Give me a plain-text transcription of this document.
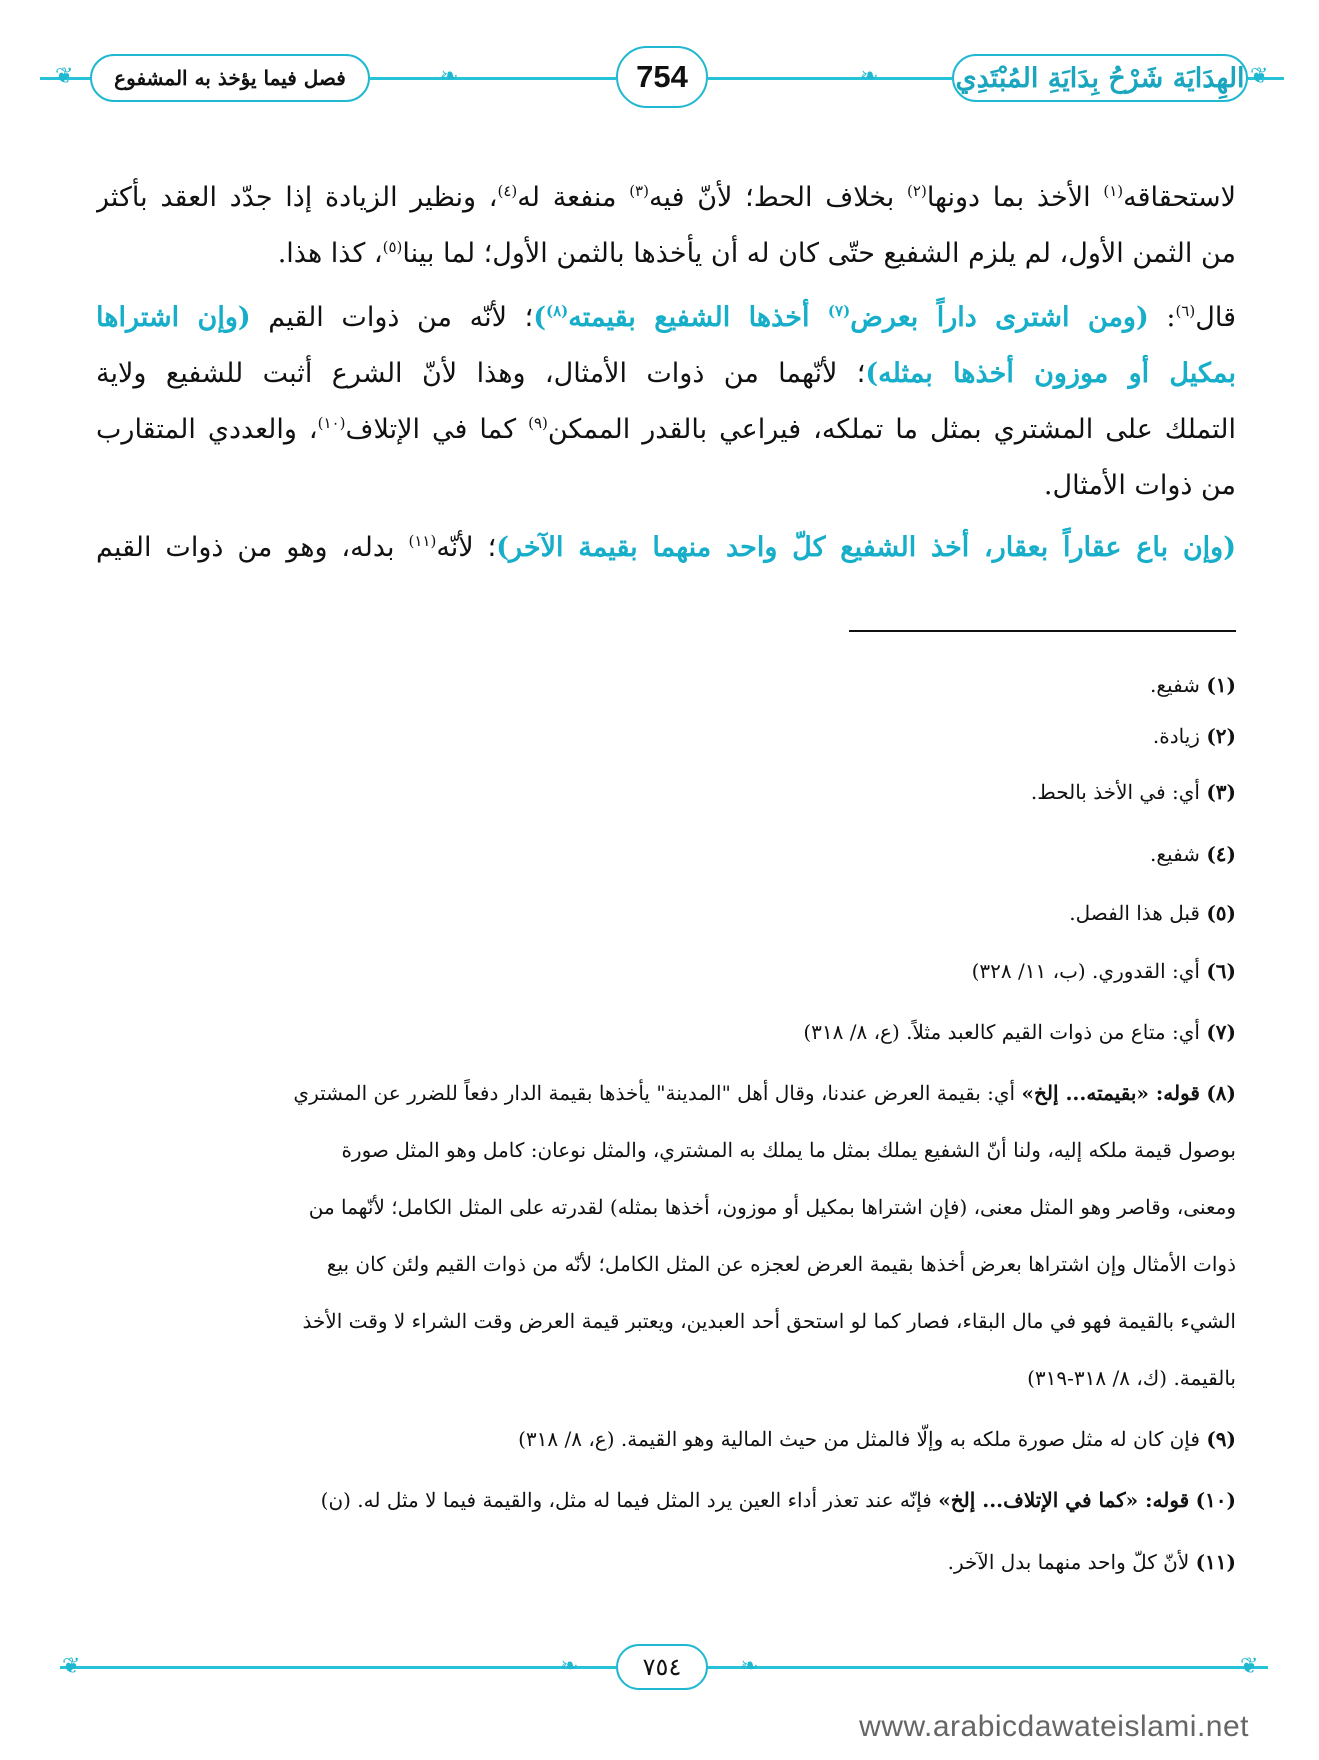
❦	❦
❧	❧	الهِدَايَة شَرْحُ بِدَايَةِ المُبْتَدِي
754
فصل فيما يؤخذ به المشفوع
لاستحقاقه$^{(١)}$ الأخذ بما دونها$^{(٢)}$ بخلاف الحط؛ لأنّ فيه$^{(٣)}$ منفعة له$^{(٤)}$، ونظير الزيادة إذا جدّد العقد بأكثر
من الثمن الأول، لم يلزم الشفيع حتّى كان له أن يأخذها بالثمن الأول؛ لما بينا$^{(٥)}$، كذا هذا.
قال$^{(٦)}$: (ومن اشترى داراً بعرض$^{(٧)}$ أخذها الشفيع بقيمته$^{(٨)}$)؛ لأنّه من ذوات القيم (وإن اشتراها
بمكيل أو موزون أخذها بمثله)؛ لأنّهما من ذوات الأمثال، وهذا لأنّ الشرع أثبت للشفيع ولاية
التملك على المشتري بمثل ما تملكه، فيراعي بالقدر الممكن$^{(٩)}$ كما في الإتلاف$^{(١٠)}$، والعددي المتقارب
من ذوات الأمثال.
(وإن باع عقاراً بعقار، أخذ الشفيع كلّ واحد منهما بقيمة الآخر)؛ لأنّه$^{(١١)}$ بدله، وهو من ذوات القيم
(١) شفيع.
(٢) زيادة.
(٣) أي: في الأخذ بالحط.
(٤) شفيع.
(٥) قبل هذا الفصل.
(٦) أي: القدوري. (ب، ١١/ ٣٢٨)
(٧) أي: متاع من ذوات القيم كالعبد مثلاً. (ع، ٨/ ٣١٨)
(٨) قوله: «بقيمته... إلخ» أي: بقيمة العرض عندنا، وقال أهل "المدينة" يأخذها بقيمة الدار دفعاً للضرر عن المشتري
بوصول قيمة ملكه إليه، ولنا أنّ الشفيع يملك بمثل ما يملك به المشتري، والمثل نوعان: كامل وهو المثل صورة
ومعنى، وقاصر وهو المثل معنى، (فإن اشتراها بمكيل أو موزون، أخذها بمثله) لقدرته على المثل الكامل؛ لأنّهما من
ذوات الأمثال وإن اشتراها بعرض أخذها بقيمة العرض لعجزه عن المثل الكامل؛ لأنّه من ذوات القيم ولئن كان بيع
الشيء بالقيمة فهو في مال البقاء، فصار كما لو استحق أحد العبدين، ويعتبر قيمة العرض وقت الشراء لا وقت الأخذ
بالقيمة. (ك، ٨/ ٣١٨-٣١٩)
(٩) فإن كان له مثل صورة ملكه به وإلّا فالمثل من حيث المالية وهو القيمة. (ع، ٨/ ٣١٨)
(١٠) قوله: «كما في الإتلاف... إلخ» فإنّه عند تعذر أداء العين يرد المثل فيما له مثل، والقيمة فيما لا مثل له. (ن)
(١١) لأنّ كلّ واحد منهما بدل الآخر.
❦	❦
❧	❧
٧٥٤
www.arabicdawateislami.net
